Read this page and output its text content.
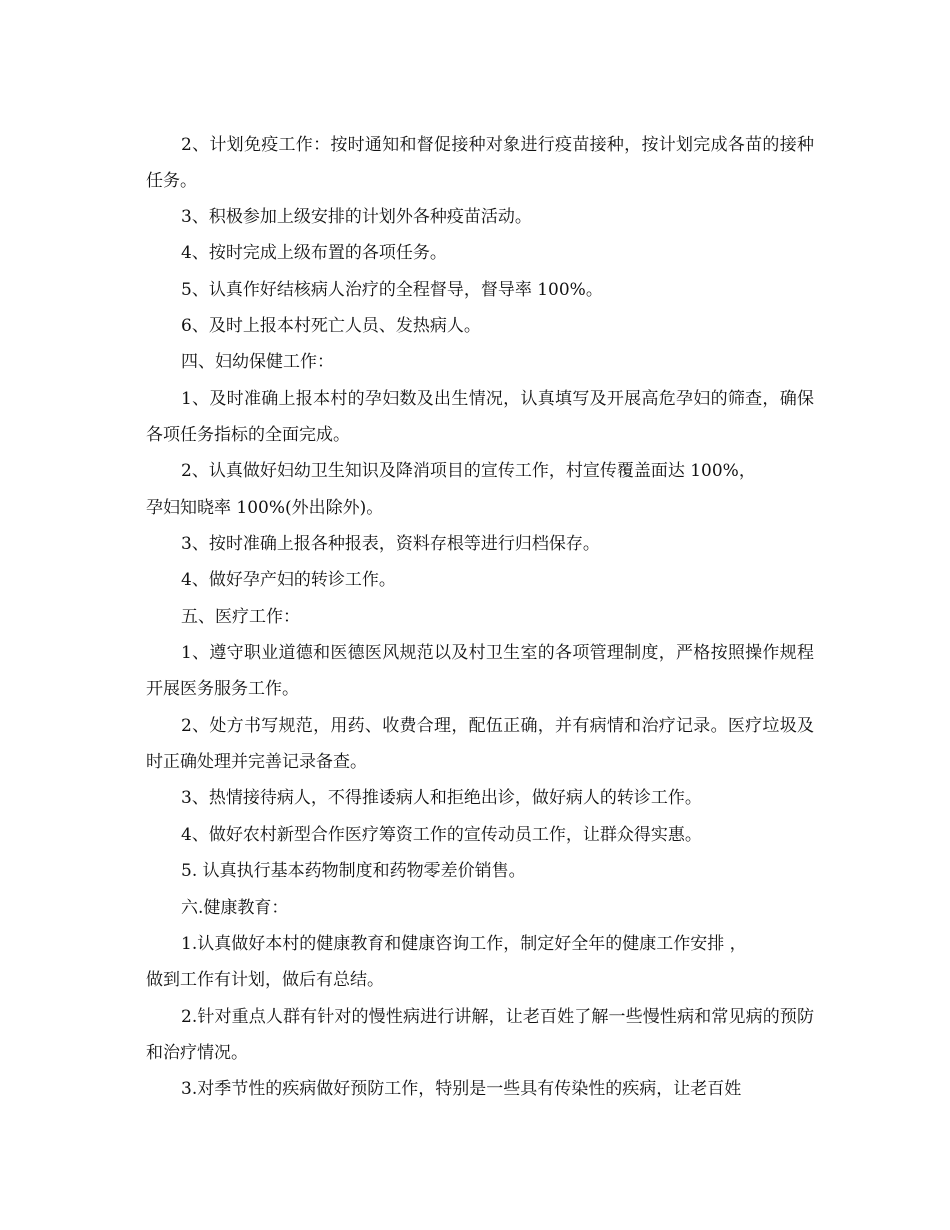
2、计划免疫工作：按时通知和督促接种对象进行疫苗接种，按计划完成各苗的接种任务。

3、积极参加上级安排的计划外各种疫苗活动。

4、按时完成上级布置的各项任务。

5、认真作好结核病人治疗的全程督导，督导率 100%。

6、及时上报本村死亡人员、发热病人。

四、妇幼保健工作：

1、及时准确上报本村的孕妇数及出生情况，认真填写及开展高危孕妇的筛查，确保各项任务指标的全面完成。

2、认真做好妇幼卫生知识及降消项目的宣传工作，村宣传覆盖面达 100%，

孕妇知晓率 100%(外出除外)。

3、按时准确上报各种报表，资料存根等进行归档保存。

4、做好孕产妇的转诊工作。

五、医疗工作：

1、遵守职业道德和医德医风规范以及村卫生室的各项管理制度，严格按照操作规程开展医务服务工作。

2、处方书写规范，用药、收费合理，配伍正确，并有病情和治疗记录。医疗垃圾及时正确处理并完善记录备查。

3、热情接待病人，不得推诿病人和拒绝出诊，做好病人的转诊工作。

4、做好农村新型合作医疗筹资工作的宣传动员工作，让群众得实惠。

5. 认真执行基本药物制度和药物零差价销售。

六.健康教育：

1.认真做好本村的健康教育和健康咨询工作，制定好全年的健康工作安排 ，

做到工作有计划，做后有总结。

2.针对重点人群有针对的慢性病进行讲解，让老百姓了解一些慢性病和常见病的预防和治疗情况。

3.对季节性的疾病做好预防工作，特别是一些具有传染性的疾病，让老百姓
